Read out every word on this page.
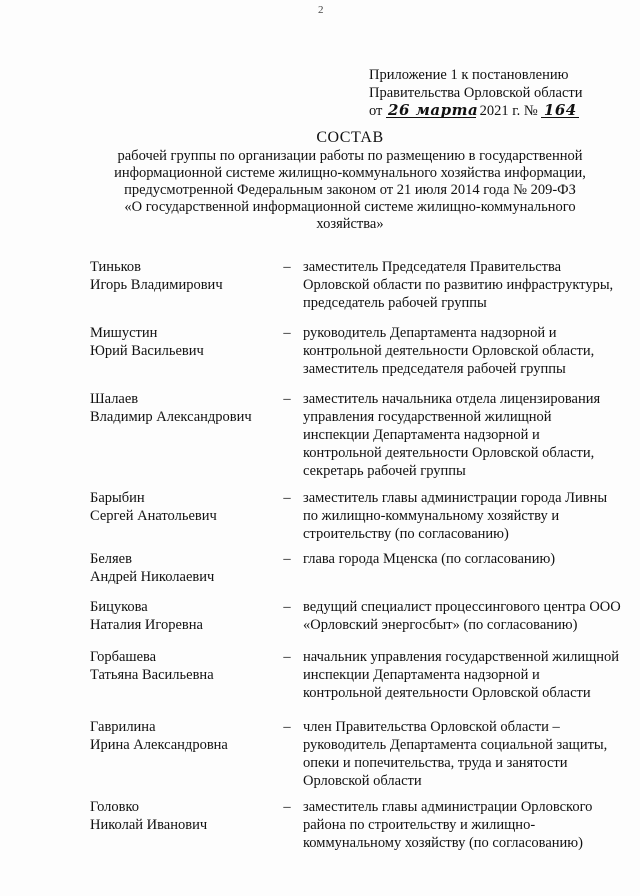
2
Приложение 1 к постановлению
Правительства Орловской области
от 26 марта 2021 г. № 164
СОСТАВ
рабочей группы по организации работы по размещению в государственной
информационной системе жилищно-коммунального хозяйства информации,
предусмотренной Федеральным законом от 21 июля 2014 года № 209-ФЗ
«О государственной информационной системе жилищно-коммунального
хозяйства»
Тиньков
Игорь Владимирович
– заместитель Председателя Правительства
Орловской области по развитию инфраструктуры,
председатель рабочей группы
Мишустин
Юрий Васильевич
– руководитель Департамента надзорной и
контрольной деятельности Орловской области,
заместитель председателя рабочей группы
Шалаев
Владимир Александрович
– заместитель начальника отдела лицензирования
управления государственной жилищной
инспекции Департамента надзорной и
контрольной деятельности Орловской области,
секретарь рабочей группы
Барыбин
Сергей Анатольевич
– заместитель главы администрации города Ливны
по жилищно-коммунальному хозяйству и
строительству (по согласованию)
Беляев
Андрей Николаевич
– глава города Мценска (по согласованию)
Бицукова
Наталия Игоревна
– ведущий специалист процессингового центра ООО
«Орловский энергосбыт» (по согласованию)
Горбашева
Татьяна Васильевна
– начальник управления государственной жилищной
инспекции Департамента надзорной и
контрольной деятельности Орловской области
Гаврилина
Ирина Александровна
– член Правительства Орловской области –
руководитель Департамента социальной защиты,
опеки и попечительства, труда и занятости
Орловской области
Головко
Николай Иванович
– заместитель главы администрации Орловского
района по строительству и жилищно-
коммунальному хозяйству (по согласованию)
